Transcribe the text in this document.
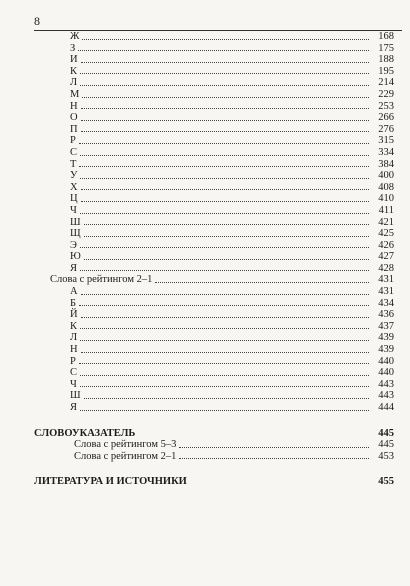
8
Ж	168
З	175
И	188
К	195
Л	214
М	229
Н	253
О	266
П	276
Р	315
С	334
Т	384
У	400
Х	408
Ц	410
Ч	411
Ш	421
Щ	425
Э	426
Ю	427
Я	428
Слова с рейтингом 2–1	431
А	431
Б	434
Й	436
К	437
Л	439
Н	439
Р	440
С	440
Ч	443
Ш	443
Я	444
СЛОВОУКАЗАТЕЛЬ	445
Слова с рейтингом 5–3	445
Слова с рейтингом 2–1	453
ЛИТЕРАТУРА И ИСТОЧНИКИ	455
